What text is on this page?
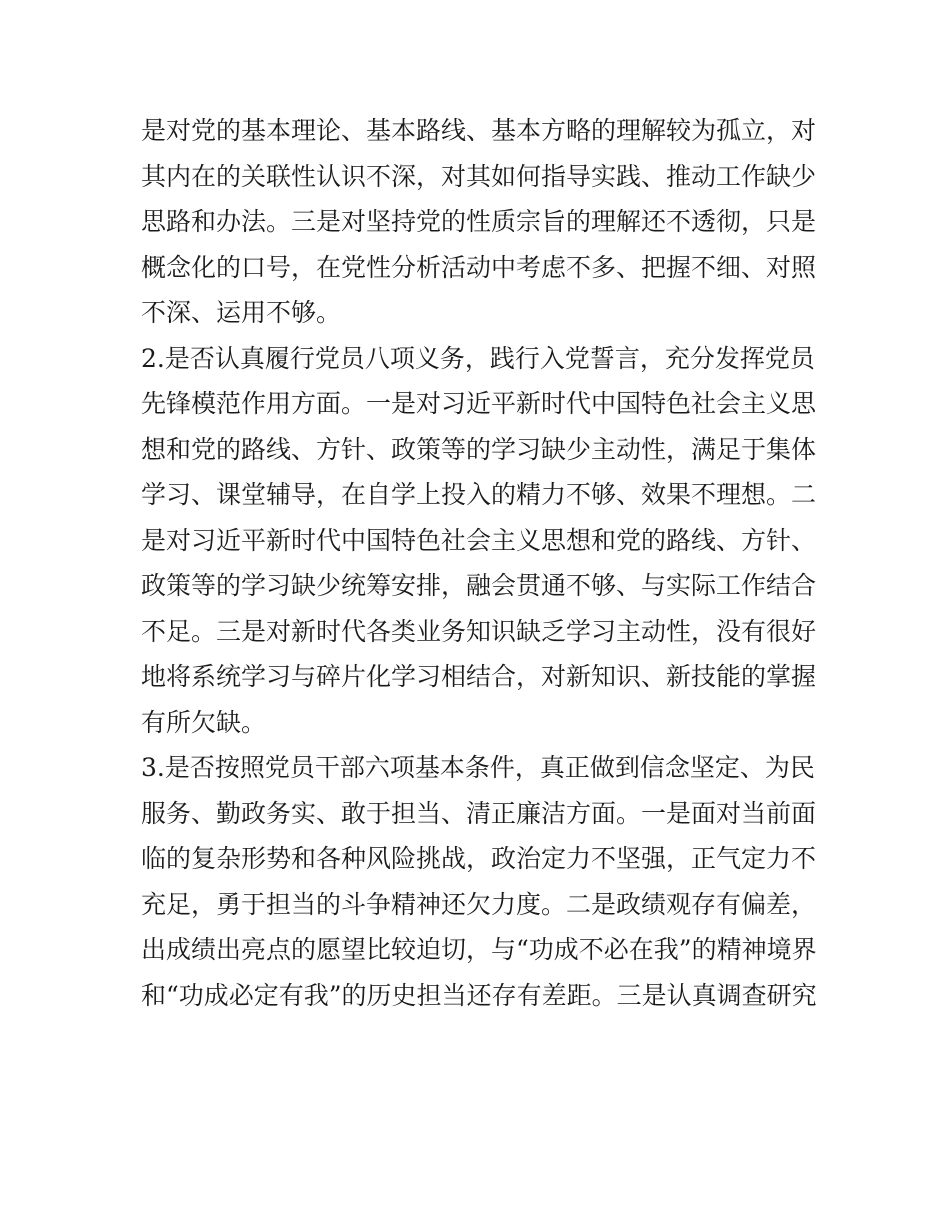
是对党的基本理论、基本路线、基本方略的理解较为孤立，对
其内在的关联性认识不深，对其如何指导实践、推动工作缺少
思路和办法。三是对坚持党的性质宗旨的理解还不透彻，只是
概念化的口号，在党性分析活动中考虑不多、把握不细、对照
不深、运用不够。
2.是否认真履行党员八项义务，践行入党誓言，充分发挥党员
先锋模范作用方面。一是对习近平新时代中国特色社会主义思
想和党的路线、方针、政策等的学习缺少主动性，满足于集体
学习、课堂辅导，在自学上投入的精力不够、效果不理想。二
是对习近平新时代中国特色社会主义思想和党的路线、方针、
政策等的学习缺少统筹安排，融会贯通不够、与实际工作结合
不足。三是对新时代各类业务知识缺乏学习主动性，没有很好
地将系统学习与碎片化学习相结合，对新知识、新技能的掌握
有所欠缺。
3.是否按照党员干部六项基本条件，真正做到信念坚定、为民
服务、勤政务实、敢于担当、清正廉洁方面。一是面对当前面
临的复杂形势和各种风险挑战，政治定力不坚强，正气定力不
充足，勇于担当的斗争精神还欠力度。二是政绩观存有偏差，
出成绩出亮点的愿望比较迫切，与“功成不必在我”的精神境界
和“功成必定有我”的历史担当还存有差距。三是认真调查研究
